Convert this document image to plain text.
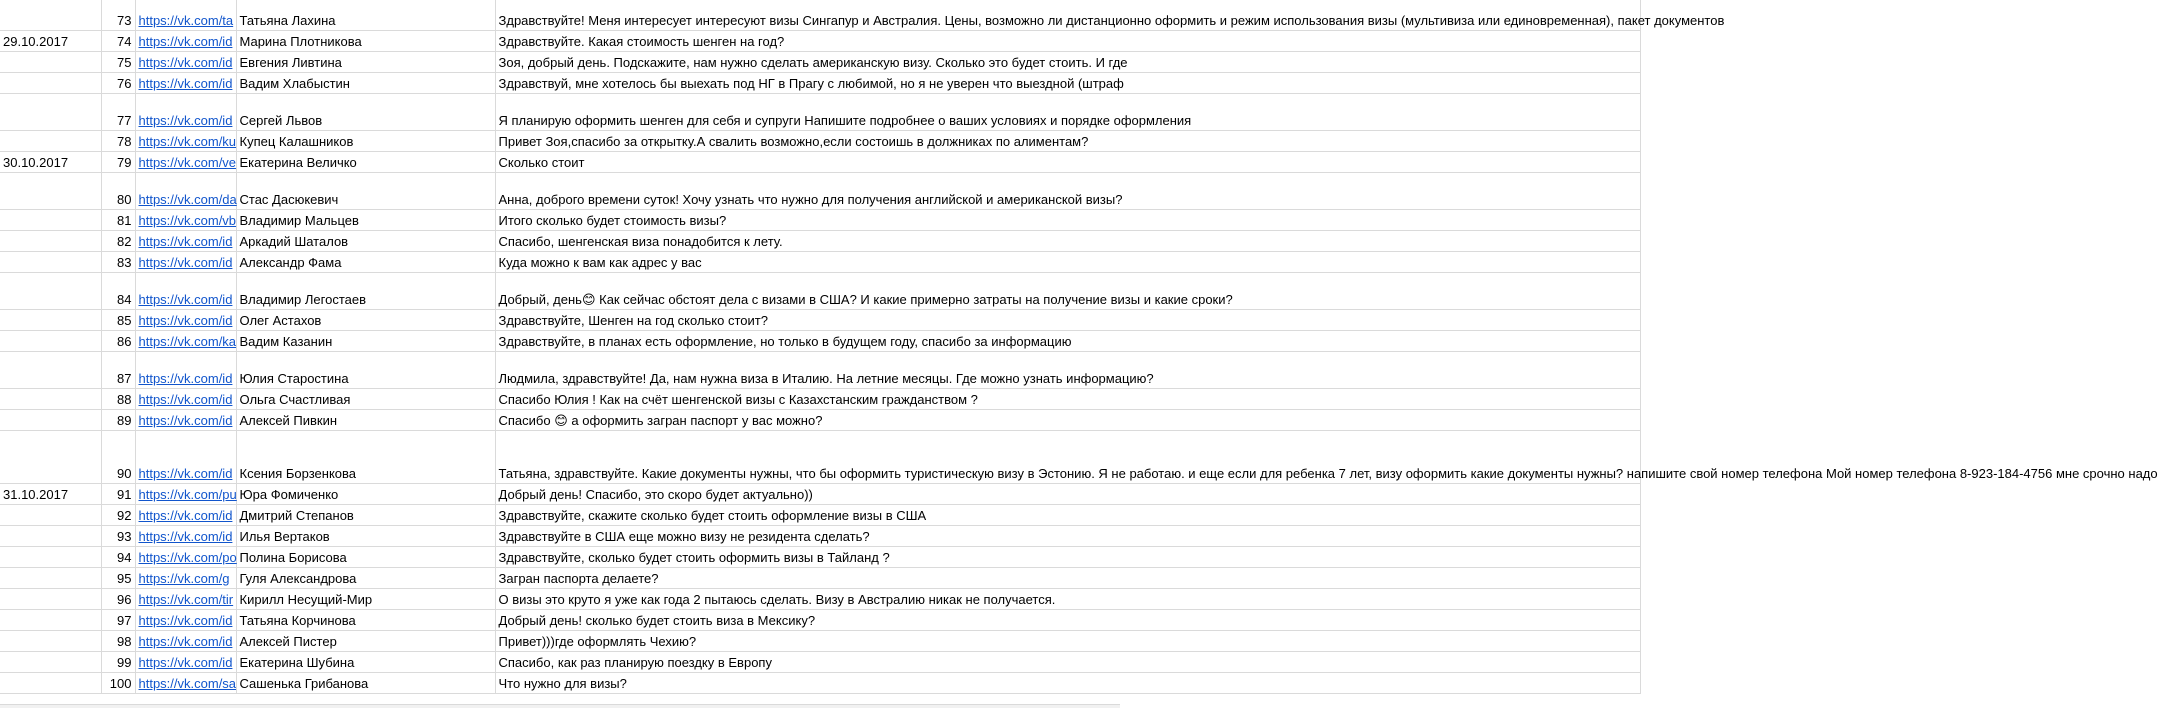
	73	https://vk.com/ta	Татьяна Лахина	Здравствуйте! Меня интересует интересуют визы Сингапур и Австралия. Цены, возможно ли дистанционно оформить и режим использования визы (мультивиза или единовременная), пакет документов
29.10.2017	74	https://vk.com/id	Марина Плотникова	Здравствуйте. Какая стоимость шенген на год?
	75	https://vk.com/id	Евгения Ливтина	Зоя, добрый день. Подскажите, нам нужно сделать американскую визу. Сколько это будет стоить. И где
	76	https://vk.com/id	Вадим Хлабыстин	Здравствуй, мне хотелось бы выехать под НГ в Прагу с любимой, но я не уверен что выездной (штраф
	77	https://vk.com/id	Сергей Львов	Я планирую оформить шенген для себя и супруги Напишите подробнее о ваших условиях и порядке оформления
	78	https://vk.com/ku	Купец Калашников	Привет Зоя,спасибо за открытку.А свалить возможно,если состоишь в должниках по алиментам?
30.10.2017	79	https://vk.com/ve	Екатерина Величко	Сколько стоит
	80	https://vk.com/da	Стас Дасюкевич	Анна, доброго времени суток! Хочу узнать что нужно для получения английской и американской визы?
	81	https://vk.com/vb	Владимир Мальцев	Итого сколько будет стоимость визы?
	82	https://vk.com/id	Аркадий Шаталов	Спасибо, шенгенская виза понадобится к лету.
	83	https://vk.com/id	Александр Фама	Куда можно к вам как адрес у вас
	84	https://vk.com/id	Владимир Легостаев	Добрый, день😊 Как сейчас обстоят дела с визами в США? И какие примерно затраты на получение визы и какие сроки?
	85	https://vk.com/id	Олег Астахов	Здравствуйте, Шенген на год сколько стоит?
	86	https://vk.com/ka	Вадим Казанин	Здравствуйте, в планах есть оформление, но только в будущем году, спасибо за информацию
	87	https://vk.com/id	Юлия Старостина	Людмила, здравствуйте! Да, нам нужна виза в Италию. На летние месяцы. Где можно узнать информацию?
	88	https://vk.com/id	Ольга Счастливая	Спасибо Юлия ! Как на счёт шенгенской визы с Казахстанским гражданством ?
	89	https://vk.com/id	Алексей Пивкин	Спасибо 😊 а оформить загран паспорт у вас можно?
	90	https://vk.com/id	Ксения Борзенкова	Татьяна, здравствуйте. Какие документы нужны, что бы оформить туристическую визу в Эстонию. Я не работаю. и еще если для ребенка 7 лет, визу оформить какие документы нужны? напишите свой номер телефона Мой номер телефона 8-923-184-4756 мне срочно надо
31.10.2017	91	https://vk.com/pu	Юра Фомиченко	Добрый день! Спасибо, это скоро будет актуально))
	92	https://vk.com/id	Дмитрий Степанов	Здравствуйте, скажите сколько будет стоить оформление визы в США
	93	https://vk.com/id	Илья Вертаков	Здравствуйте в США еще можно визу не резидента сделать?
	94	https://vk.com/po	Полина Борисова	Здравствуйте, сколько будет стоить оформить визы в Тайланд ?
	95	https://vk.com/g	Гуля Александрова	Загран паспорта делаете?
	96	https://vk.com/tir	Кирилл Несущий-Мир	О визы это круто я уже как года 2 пытаюсь сделать. Визу в Австралию никак не получается.
	97	https://vk.com/id	Татьяна Корчинова	Добрый день! сколько будет стоить виза в Мексику?
	98	https://vk.com/id	Алексей Пистер	Привет)))где оформлять Чехию?
	99	https://vk.com/id	Екатерина Шубина	Спасибо, как раз планирую поездку в Европу
	100	https://vk.com/sa	Сашенька Грибанова	Что нужно для визы?
